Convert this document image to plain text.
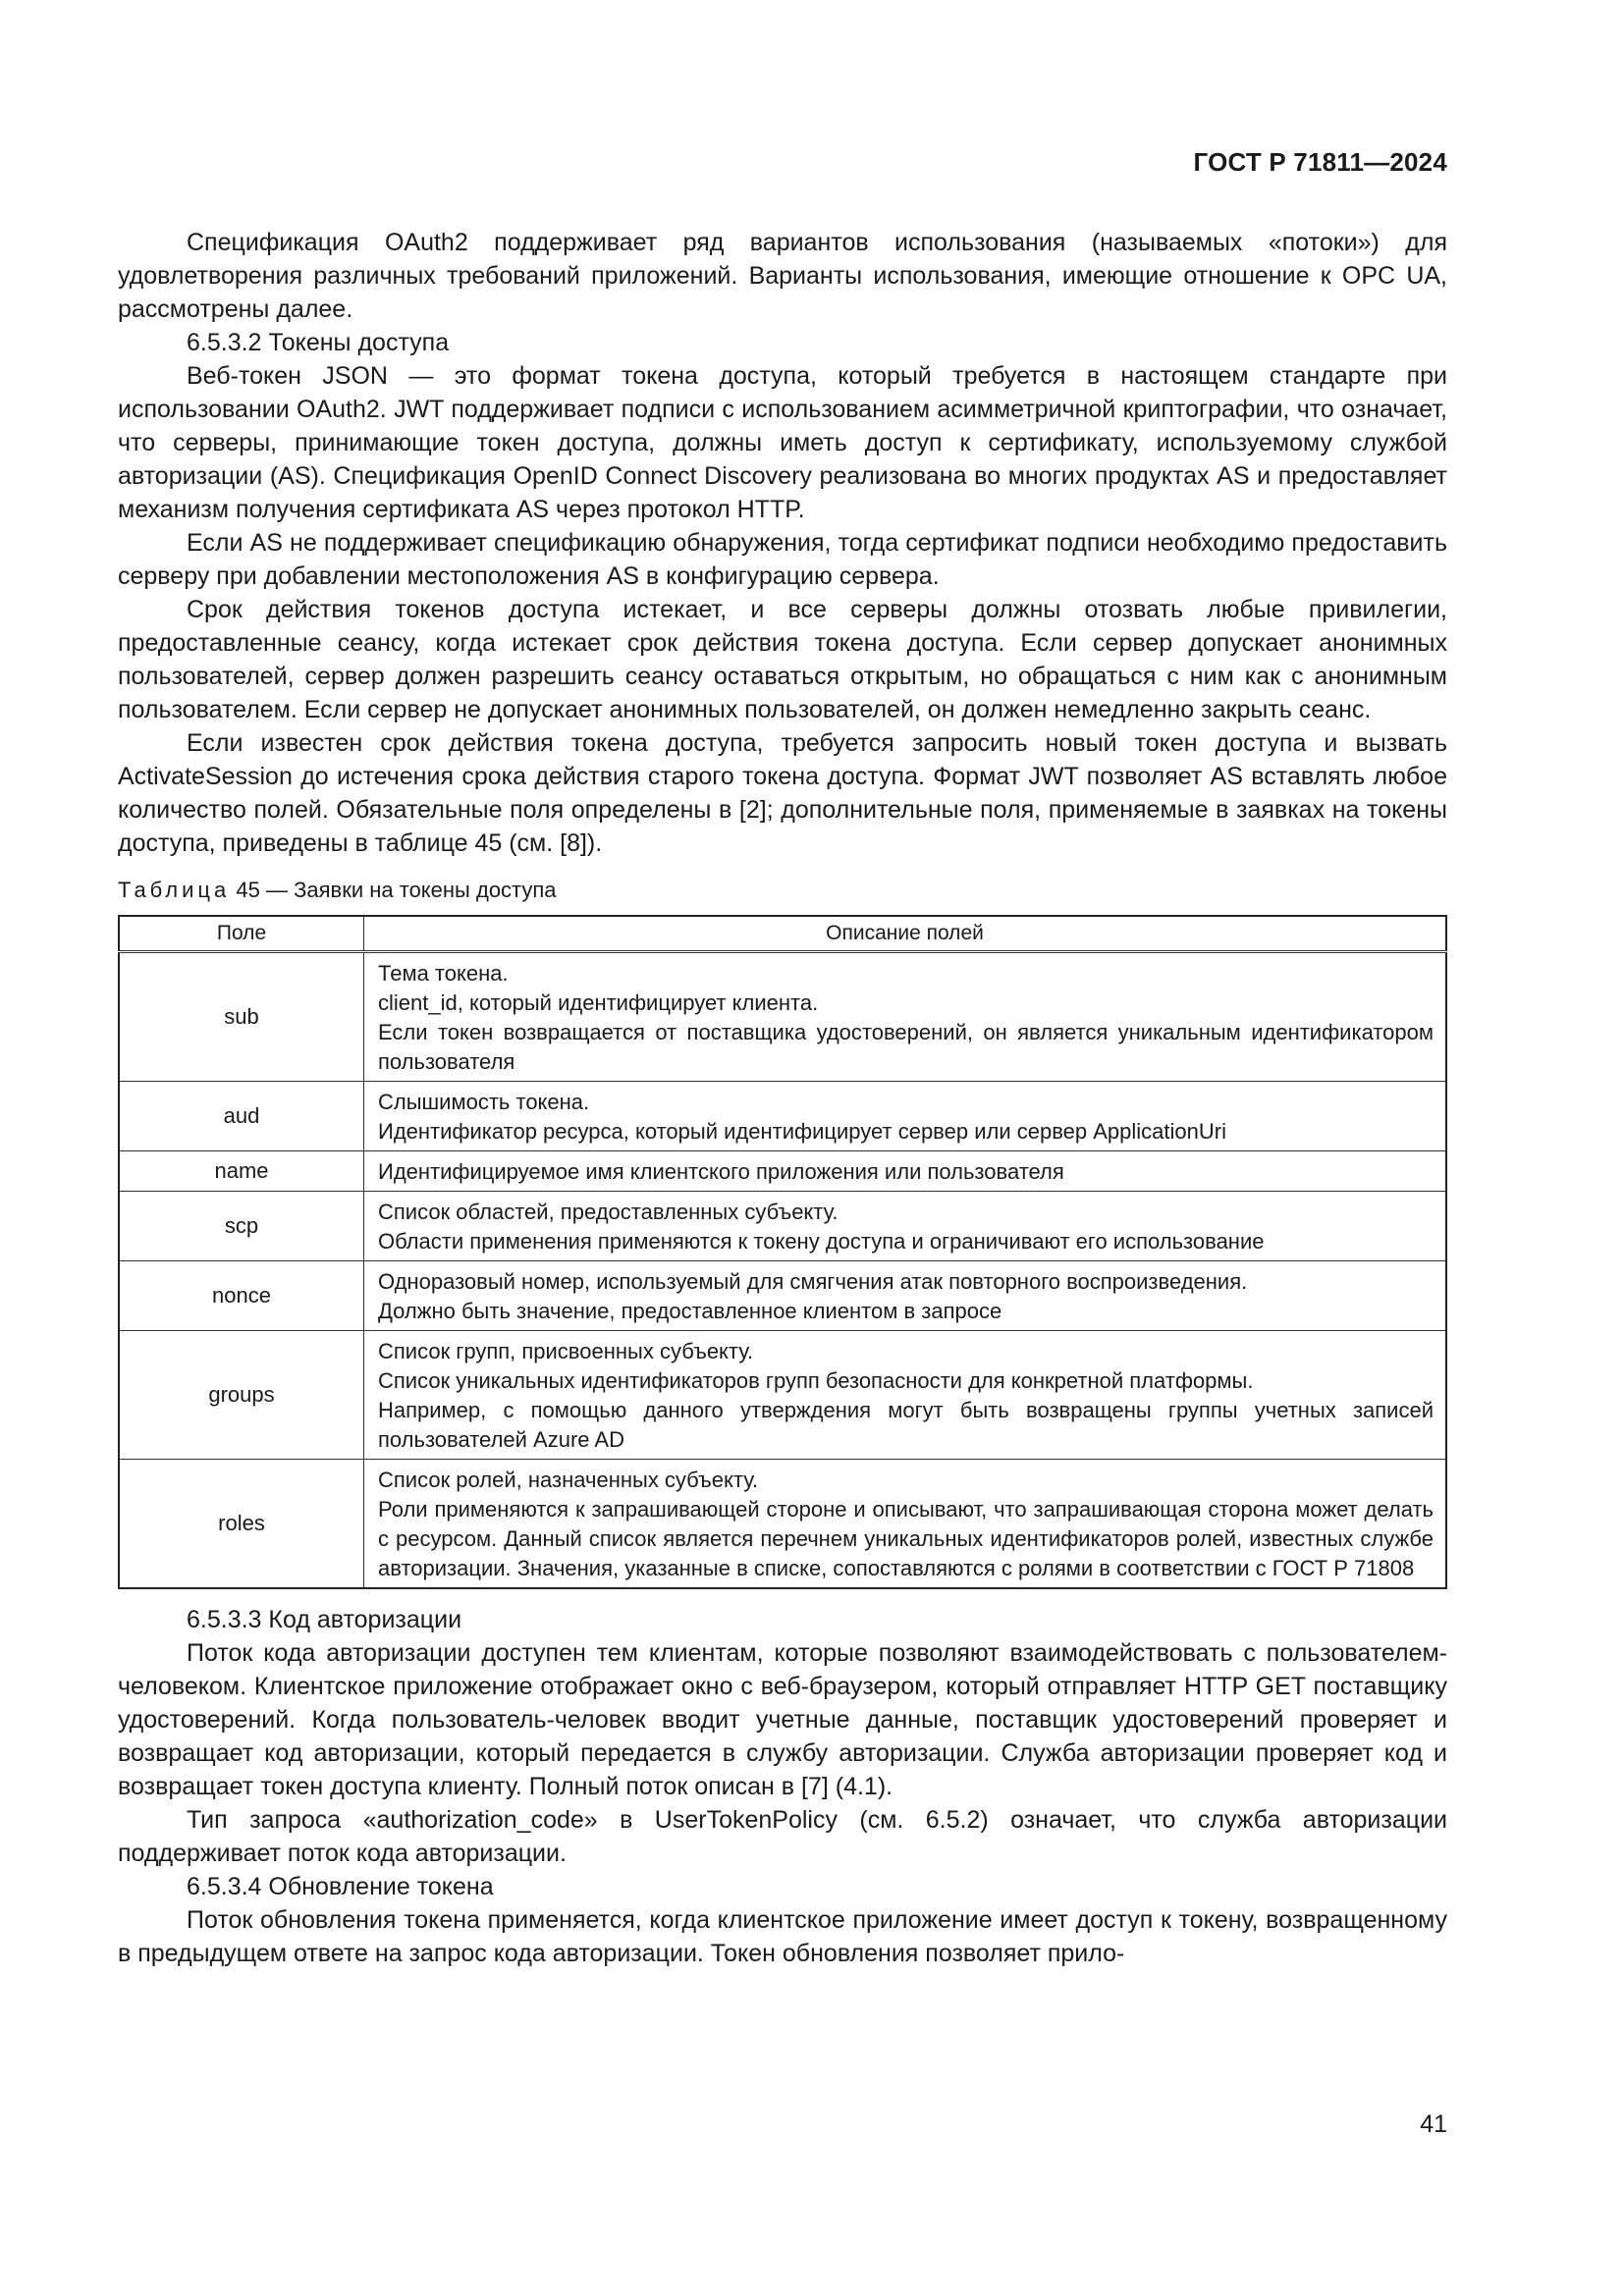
ГОСТ Р 71811—2024

Спецификация OAuth2 поддерживает ряд вариантов использования (называемых «потоки») для удовлетворения различных требований приложений. Варианты использования, имеющие отношение к OPC UA, рассмотрены далее.

6.5.3.2 Токены доступа

Веб-токен JSON — это формат токена доступа, который требуется в настоящем стандарте при использовании OAuth2. JWT поддерживает подписи с использованием асимметричной криптографии, что означает, что серверы, принимающие токен доступа, должны иметь доступ к сертификату, используемому службой авторизации (AS). Спецификация OpenID Connect Discovery реализована во многих продуктах AS и предоставляет механизм получения сертификата AS через протокол HTTP.

Если AS не поддерживает спецификацию обнаружения, тогда сертификат подписи необходимо предоставить серверу при добавлении местоположения AS в конфигурацию сервера.

Срок действия токенов доступа истекает, и все серверы должны отозвать любые привилегии, предоставленные сеансу, когда истекает срок действия токена доступа. Если сервер допускает анонимных пользователей, сервер должен разрешить сеансу оставаться открытым, но обращаться с ним как с анонимным пользователем. Если сервер не допускает анонимных пользователей, он должен немедленно закрыть сеанс.

Если известен срок действия токена доступа, требуется запросить новый токен доступа и вызвать ActivateSession до истечения срока действия старого токена доступа. Формат JWT позволяет AS вставлять любое количество полей. Обязательные поля определены в [2]; дополнительные поля, применяемые в заявках на токены доступа, приведены в таблице 45 (см. [8]).

Таблица 45 — Заявки на токены доступа
Поле	Описание полей
sub	Тема токена.
client_id, который идентифицирует клиента.
Если токен возвращается от поставщика удостоверений, он является уникальным идентификатором пользователя

aud	Слышимость токена.
Идентификатор ресурса, который идентифицирует сервер или сервер ApplicationUri

name	Идентифицируемое имя клиентского приложения или пользователя

scp	Список областей, предоставленных субъекту.
Области применения применяются к токену доступа и ограничивают его использование

nonce	Одноразовый номер, используемый для смягчения атак повторного воспроизведения.
Должно быть значение, предоставленное клиентом в запросе

groups	Список групп, присвоенных субъекту.
Список уникальных идентификаторов групп безопасности для конкретной платформы.
Например, с помощью данного утверждения могут быть возвращены группы учетных записей пользователей Azure AD

roles	Список ролей, назначенных субъекту.
Роли применяются к запрашивающей стороне и описывают, что запрашивающая сторона может делать с ресурсом. Данный список является перечнем уникальных идентификаторов ролей, известных службе авторизации. Значения, указанные в списке, сопоставляются с ролями в соответствии с ГОСТ Р 71808

6.5.3.3 Код авторизации

Поток кода авторизации доступен тем клиентам, которые позволяют взаимодействовать с пользователем-человеком. Клиентское приложение отображает окно с веб-браузером, который отправляет HTTP GET поставщику удостоверений. Когда пользователь-человек вводит учетные данные, поставщик удостоверений проверяет и возвращает код авторизации, который передается в службу авторизации. Служба авторизации проверяет код и возвращает токен доступа клиенту. Полный поток описан в [7] (4.1).

Тип запроса «authorization_code» в UserTokenPolicy (см. 6.5.2) означает, что служба авторизации поддерживает поток кода авторизации.

6.5.3.4 Обновление токена

Поток обновления токена применяется, когда клиентское приложение имеет доступ к токену, возвращенному в предыдущем ответе на запрос кода авторизации. Токен обновления позволяет прило-

41
